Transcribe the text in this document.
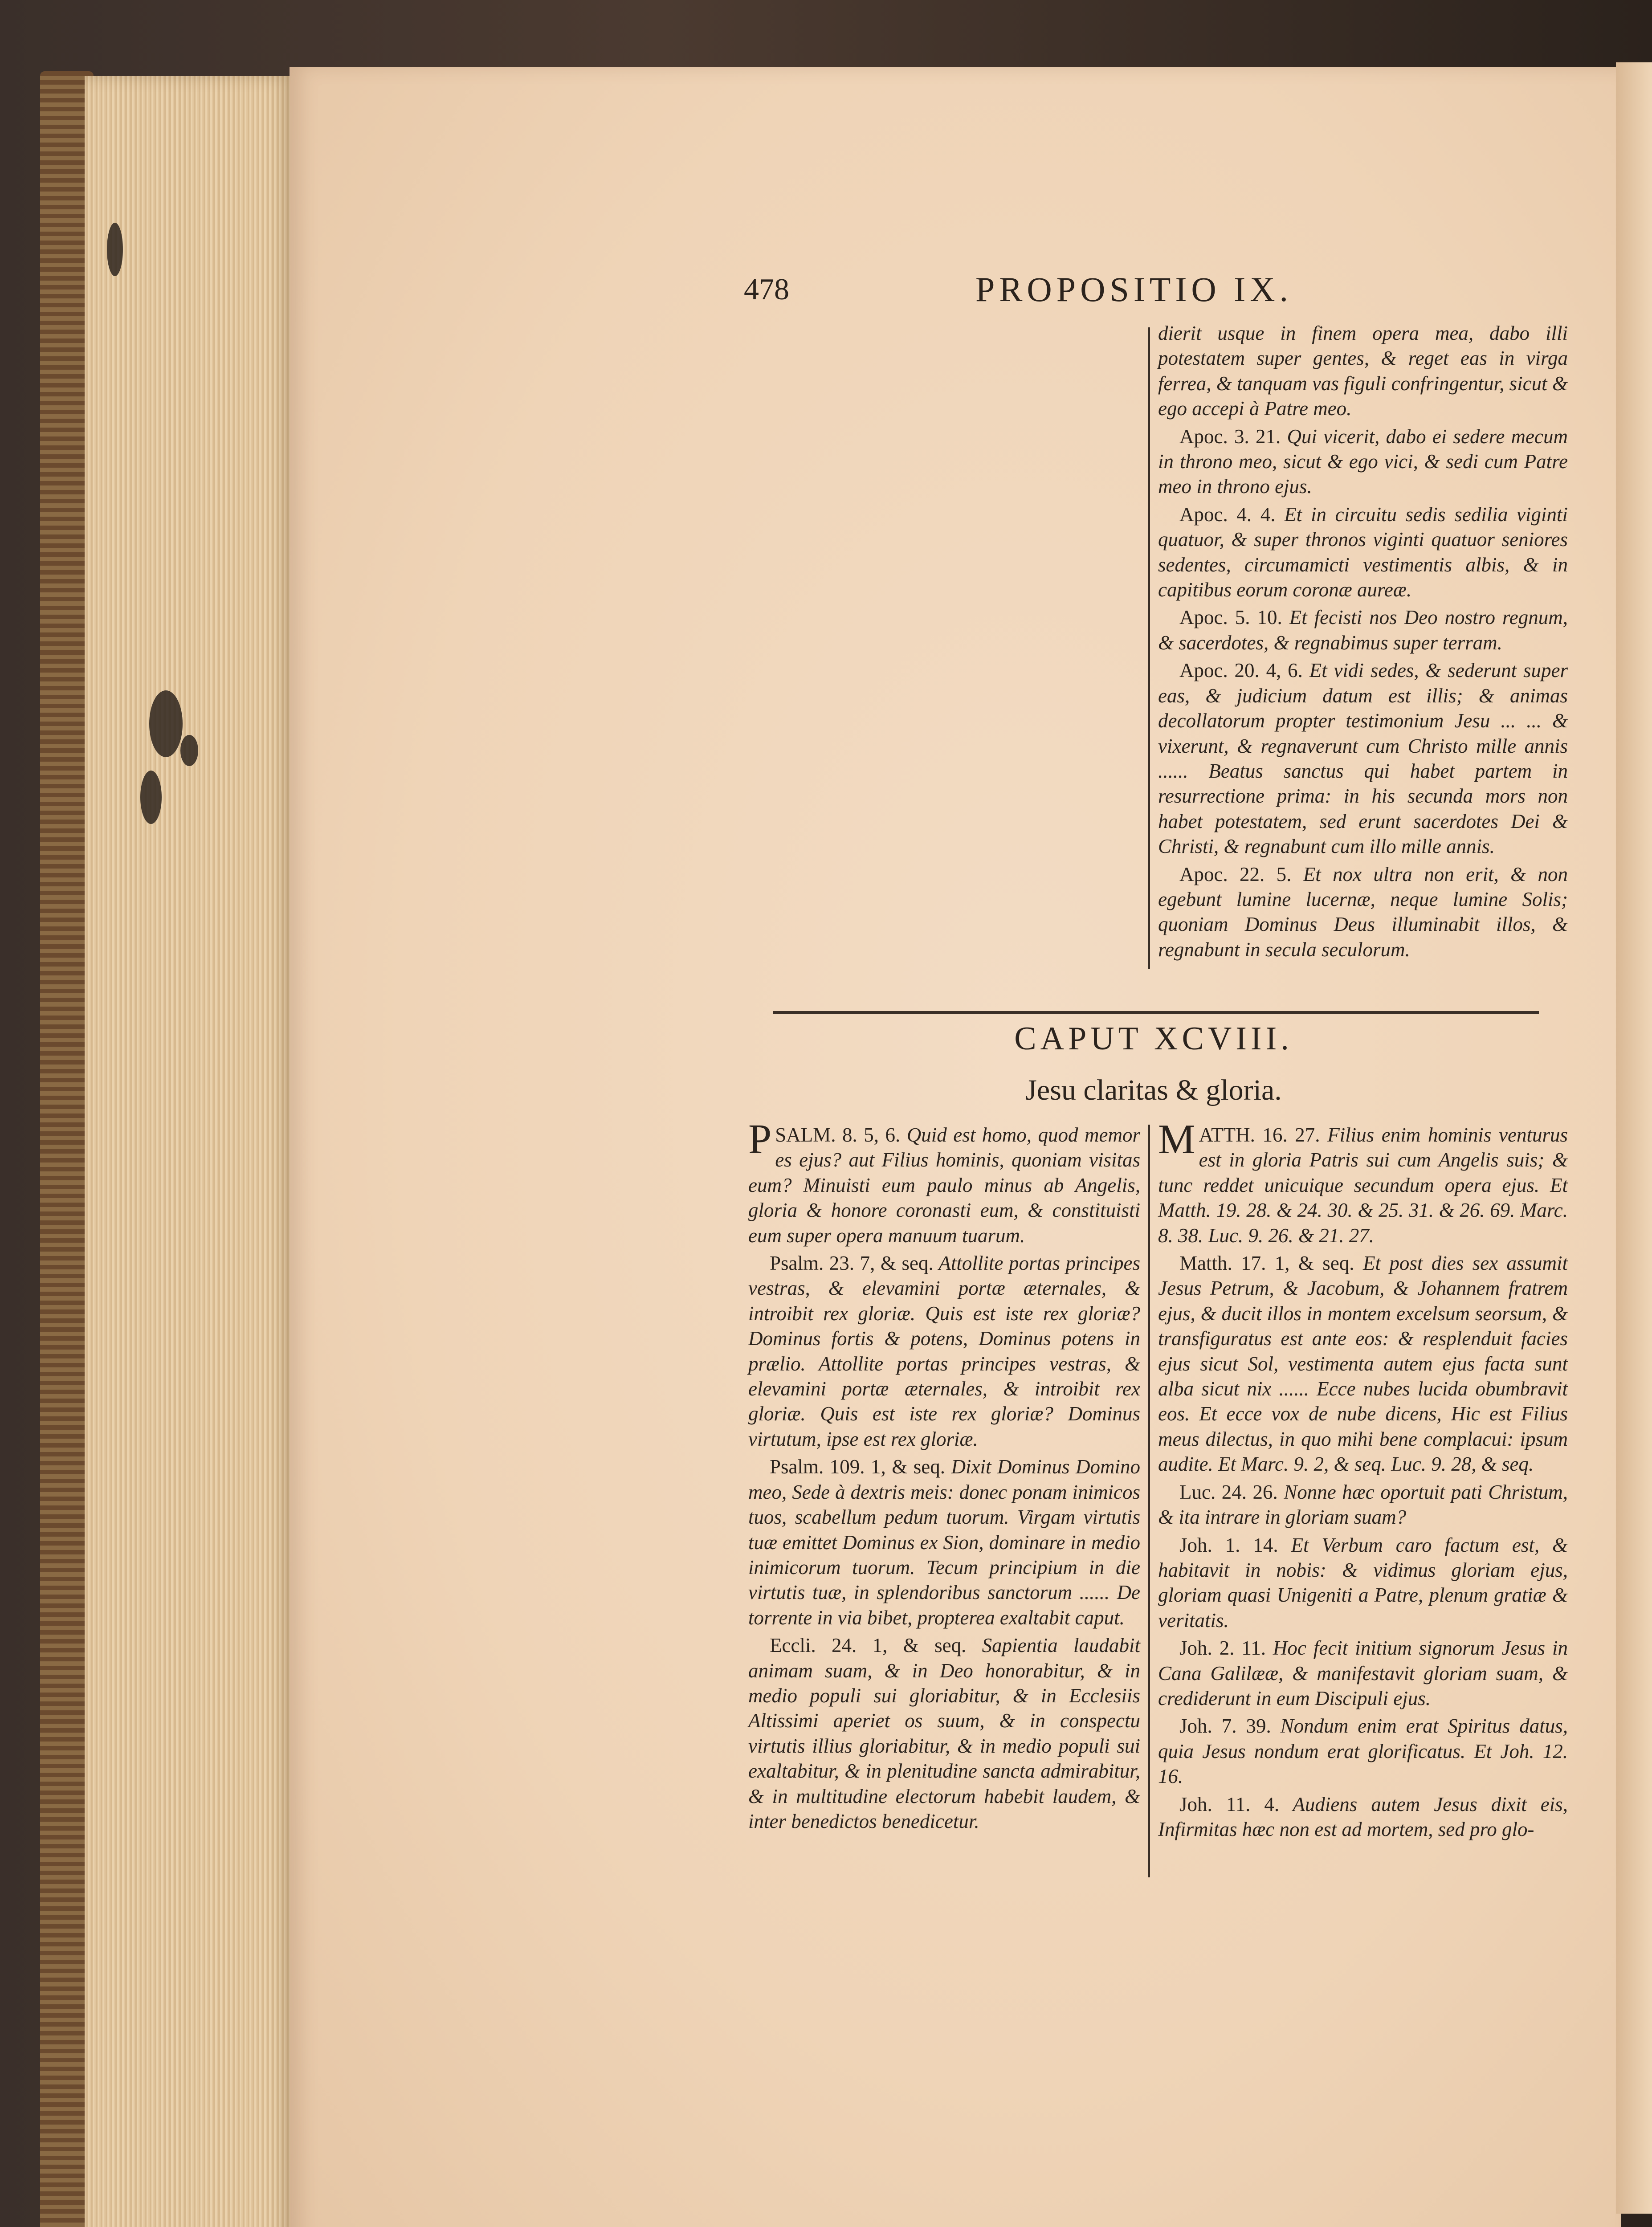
478	PROPOSITIO IX.

dierit usque in finem opera mea, dabo illi potestatem super gentes, & reget eas in virga ferrea, & tanquam vas figuli confringentur, sicut & ego accepi à Patre meo.

Apoc. 3. 21. Qui vicerit, dabo ei sedere mecum in throno meo, sicut & ego vici, & sedi cum Patre meo in throno ejus.

Apoc. 4. 4. Et in circuitu sedis sedilia viginti quatuor, & super thronos viginti quatuor seniores sedentes, circumamicti vestimentis albis, & in capitibus eorum coronæ aureæ.

Apoc. 5. 10. Et fecisti nos Deo nostro regnum, & sacerdotes, & regnabimus super terram.

Apoc. 20. 4, 6. Et vidi sedes, & sederunt super eas, & judicium datum est illis; & animas decollatorum propter testimonium Jesu ... ... & vixerunt, & regnaverunt cum Christo mille annis ...... Beatus sanctus qui habet partem in resurrectione prima: in his secunda mors non habet potestatem, sed erunt sacerdotes Dei & Christi, & regnabunt cum illo mille annis.

Apoc. 22. 5. Et nox ultra non erit, & non egebunt lumine lucernæ, neque lumine Solis; quoniam Dominus Deus illuminabit illos, & regnabunt in secula seculorum.

CAPUT XCVIII.
Jesu claritas & gloria.

PSALM. 8. 5, 6. Quid est homo, quod memor es ejus? aut Filius hominis, quoniam visitas eum? Minuisti eum paulo minus ab Angelis, gloria & honore coronasti eum, & constituisti eum super opera manuum tuarum.

Psalm. 23. 7, & seq. Attollite portas principes vestras, & elevamini portæ æternales, & introibit rex gloriæ. Quis est iste rex gloriæ? Dominus fortis & potens, Dominus potens in prælio. Attollite portas principes vestras, & elevamini portæ æternales, & introibit rex gloriæ. Quis est iste rex gloriæ? Dominus virtutum, ipse est rex gloriæ.

Psalm. 109. 1, & seq. Dixit Dominus Domino meo, Sede à dextris meis: donec ponam inimicos tuos, scabellum pedum tuorum. Virgam virtutis tuæ emittet Dominus ex Sion, dominare in medio inimicorum tuorum. Tecum principium in die virtutis tuæ, in splendoribus sanctorum ...... De torrente in via bibet, propterea exaltabit caput.

Eccli. 24. 1, & seq. Sapientia laudabit animam suam, & in Deo honorabitur, & in medio populi sui gloriabitur, & in Ecclesiis Altissimi aperiet os suum, & in conspectu virtutis illius gloriabitur, & in medio populi sui exaltabitur, & in plenitudine sancta admirabitur, & in multitudine electorum habebit laudem, & inter benedictos benedicetur.

MATTH. 16. 27. Filius enim hominis venturus est in gloria Patris sui cum Angelis suis; & tunc reddet unicuique secundum opera ejus. Et Matth. 19. 28. & 24. 30. & 25. 31. & 26. 69. Marc. 8. 38. Luc. 9. 26. & 21. 27.

Matth. 17. 1, & seq. Et post dies sex assumit Jesus Petrum, & Jacobum, & Johannem fratrem ejus, & ducit illos in montem excelsum seorsum, & transfiguratus est ante eos: & resplenduit facies ejus sicut Sol, vestimenta autem ejus facta sunt alba sicut nix ...... Ecce nubes lucida obumbravit eos. Et ecce vox de nube dicens, Hic est Filius meus dilectus, in quo mihi bene complacui: ipsum audite. Et Marc. 9. 2, & seq. Luc. 9. 28, & seq.

Luc. 24. 26. Nonne hæc oportuit pati Christum, & ita intrare in gloriam suam?

Joh. 1. 14. Et Verbum caro factum est, & habitavit in nobis: & vidimus gloriam ejus, gloriam quasi Unigeniti a Patre, plenum gratiæ & veritatis.

Joh. 2. 11. Hoc fecit initium signorum Jesus in Cana Galilææ, & manifestavit gloriam suam, & crediderunt in eum Discipuli ejus.

Joh. 7. 39. Nondum enim erat Spiritus datus, quia Jesus nondum erat glorificatus. Et Joh. 12. 16.

Joh. 11. 4. Audiens autem Jesus dixit eis, Infirmitas hæc non est ad mortem, sed pro glo-
